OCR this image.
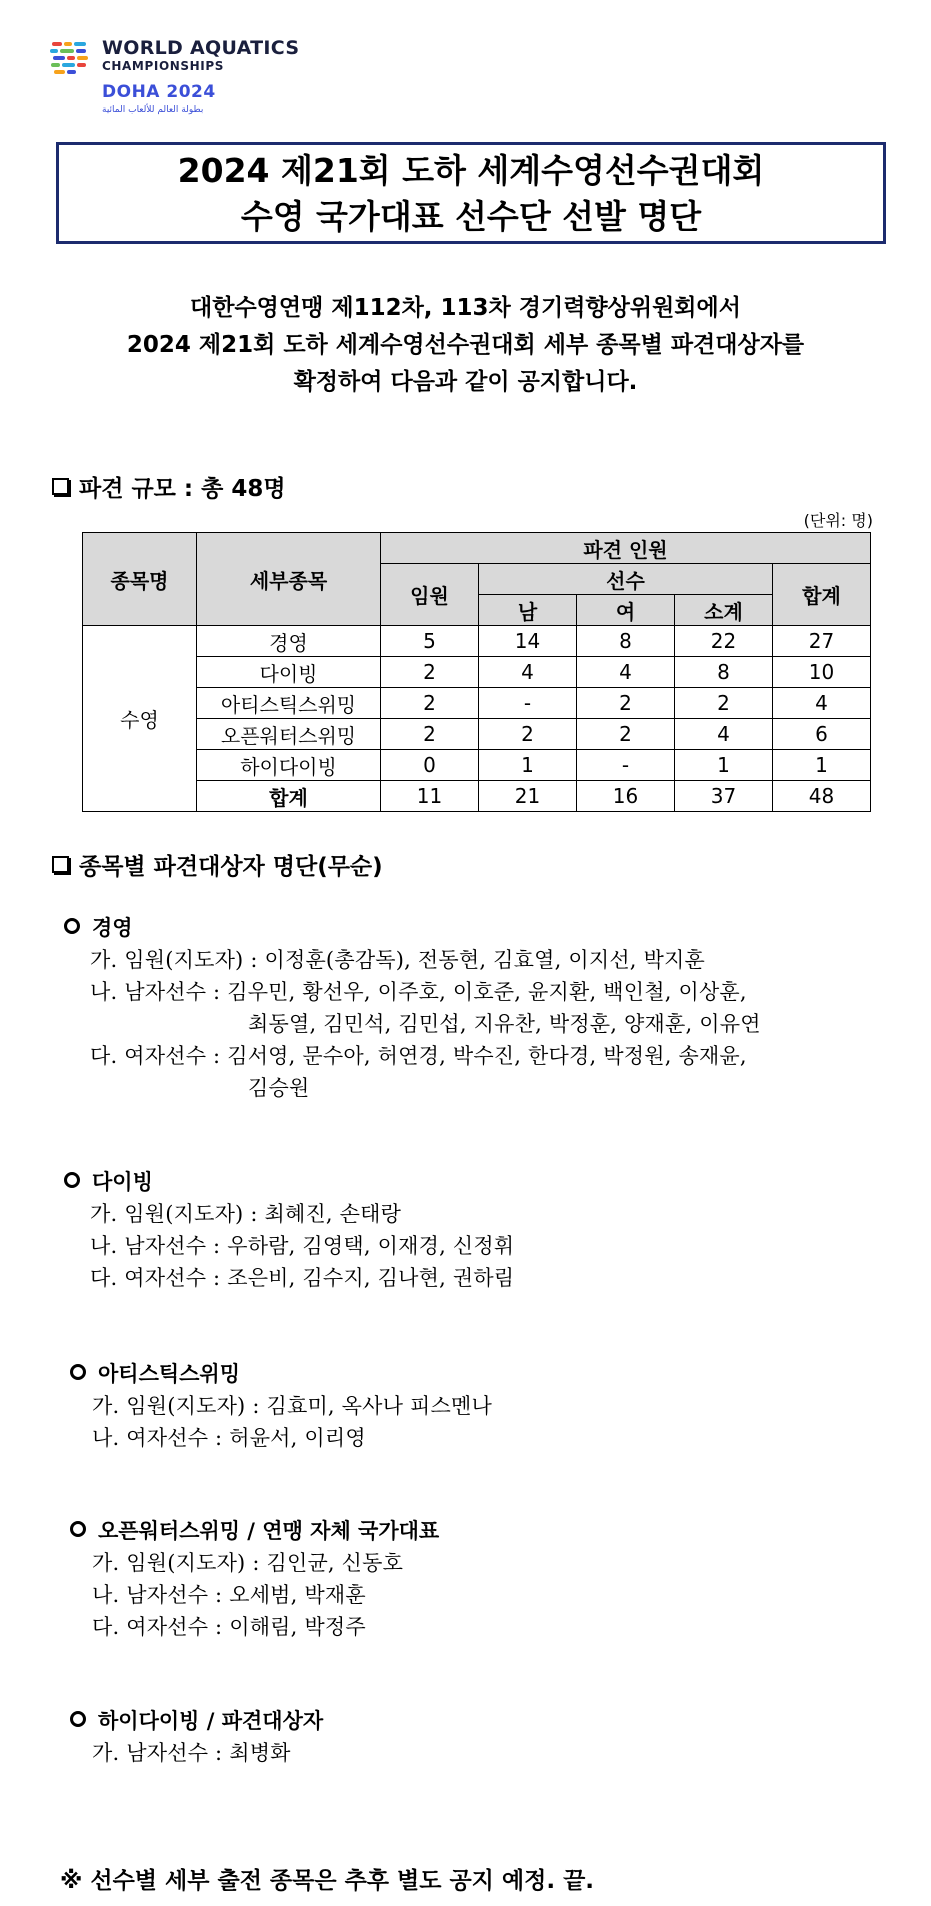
WORLD AQUATICS
CHAMPIONSHIPS
DOHA 2024
بطولة العالم للألعاب المائية
2024 제21회 도하 세계수영선수권대회
수영 국가대표 선수단 선발 명단
대한수영연맹 제112차, 113차 경기력향상위원회에서
2024 제21회 도하 세계수영선수권대회 세부 종목별 파견대상자를
확정하여 다음과 같이 공지합니다.
파견 규모 : 총 48명
(단위: 명)
종목명	세부종목	파견 인원				
		임원	선수			합계
			남	여	소계	
수영	경영	5	14	8	22	27
	다이빙	2	4	4	8	10
	아티스틱스위밍	2	-	2	2	4
	오픈워터스위밍	2	2	2	4	6
	하이다이빙	0	1	-	1	1
	합계	11	21	16	37	48
종목별 파견대상자 명단(무순)
경영
가. 임원(지도자) : 이정훈(총감독), 전동현, 김효열, 이지선, 박지훈
나. 남자선수 : 김우민, 황선우, 이주호, 이호준, 윤지환, 백인철, 이상훈,
최동열, 김민석, 김민섭, 지유찬, 박정훈, 양재훈, 이유연
다. 여자선수 : 김서영, 문수아, 허연경, 박수진, 한다경, 박정원, 송재윤,
김승원
다이빙
가. 임원(지도자) : 최혜진, 손태랑
나. 남자선수 : 우하람, 김영택, 이재경, 신정휘
다. 여자선수 : 조은비, 김수지, 김나현, 권하림
아티스틱스위밍
가. 임원(지도자) : 김효미, 옥사나 피스멘나
나. 여자선수 : 허윤서, 이리영
오픈워터스위밍 / 연맹 자체 국가대표
가. 임원(지도자) : 김인균, 신동호
나. 남자선수 : 오세범, 박재훈
다. 여자선수 : 이해림, 박정주
하이다이빙 / 파견대상자
가. 남자선수 : 최병화
※ 선수별 세부 출전 종목은 추후 별도 공지 예정. 끝.
